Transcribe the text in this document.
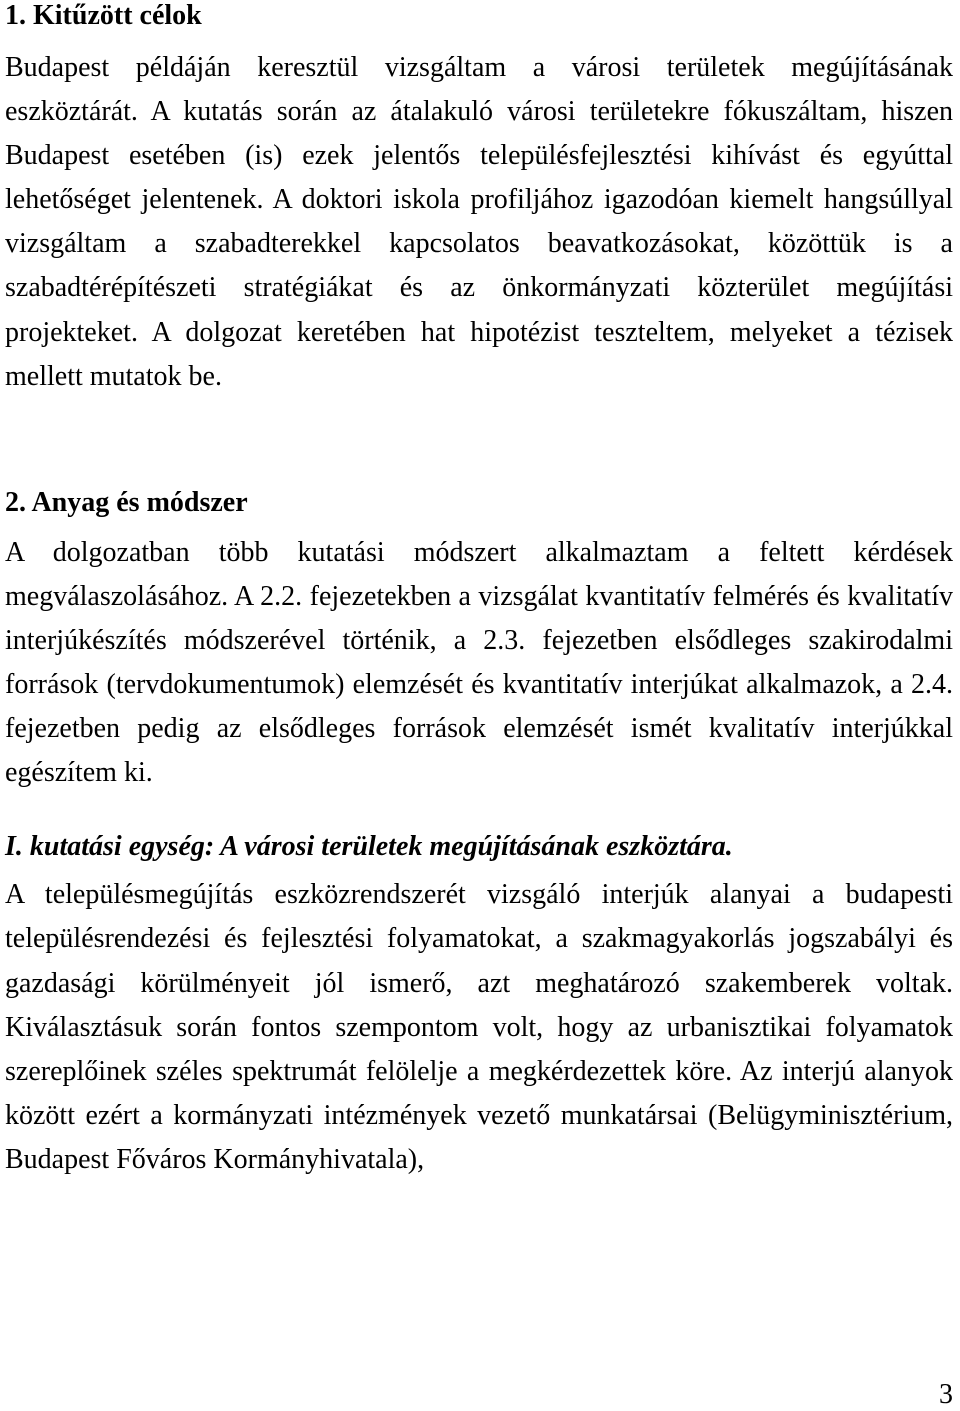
1. Kitűzött célok

Budapest példáján keresztül vizsgáltam a városi területek megújításának eszköztárát. A kutatás során az átalakuló városi területekre fókuszáltam, hiszen Budapest esetében (is) ezek jelentős településfejlesztési kihívást és egyúttal lehetőséget jelentenek. A doktori iskola profiljához igazodóan kiemelt hangsúllyal vizsgáltam a szabadterekkel kapcsolatos beavatkozásokat, közöttük is a szabadtérépítészeti stratégiákat és az önkormányzati közterület megújítási projekteket. A dolgozat keretében hat hipotézist teszteltem, melyeket a tézisek mellett mutatok be.

2. Anyag és módszer

A dolgozatban több kutatási módszert alkalmaztam a feltett kérdések megválaszolásához. A 2.2. fejezetekben a vizsgálat kvantitatív felmérés és kvalitatív interjúkészítés módszerével történik, a 2.3. fejezetben elsődleges szakirodalmi források (tervdokumentumok) elemzését és kvantitatív interjúkat alkalmazok, a 2.4. fejezetben pedig az elsődleges források elemzését ismét kvalitatív interjúkkal egészítem ki.

I. kutatási egység: A városi területek megújításának eszköztára.

A településmegújítás eszközrendszerét vizsgáló interjúk alanyai a budapesti településrendezési és fejlesztési folyamatokat, a szakmagyakorlás jogszabályi és gazdasági körülményeit jól ismerő, azt meghatározó szakemberek voltak. Kiválasztásuk során fontos szempontom volt, hogy az urbanisztikai folyamatok szereplőinek széles spektrumát felölelje a megkérdezettek köre. Az interjú alanyok között ezért a kormányzati intézmények vezető munkatársai (Belügyminisztérium, Budapest Főváros Kormányhivatala),

3
